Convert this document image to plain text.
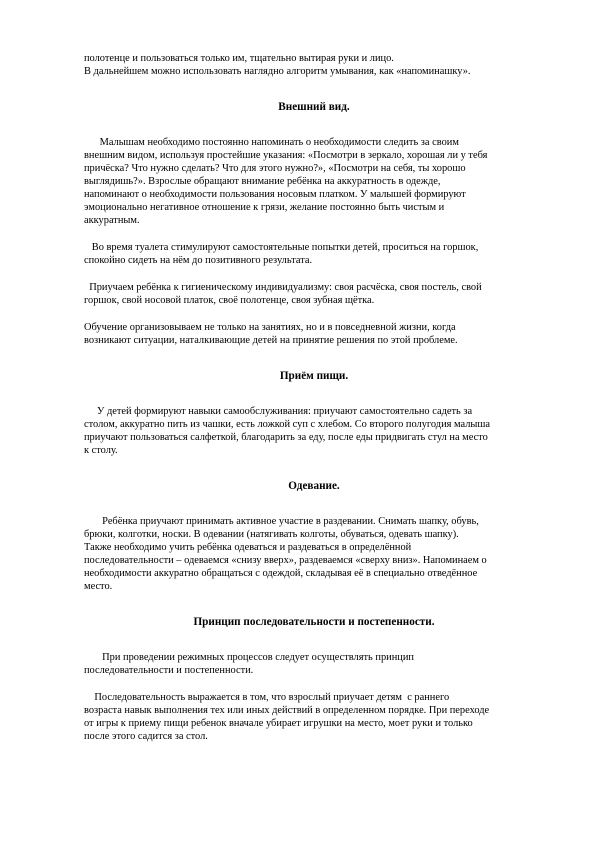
полотенце и пользоваться только им, тщательно вытирая руки и лицо.

В дальнейшем можно использовать наглядно алгоритм умывания, как «напоминашку».

Внешний вид.

Малышам необходимо постоянно напоминать о необходимости следить за своим

внешним видом, используя простейшие указания: «Посмотри в зеркало, хорошая ли у тебя

причёска? Что нужно сделать? Что для этого нужно?», «Посмотри на себя, ты хорошо

выглядишь?». Взрослые обращают внимание ребёнка на аккуратность в одежде,

напоминают о необходимости пользования носовым платком. У малышей формируют

эмоционально негативное отношение к грязи, желание постоянно быть чистым и

аккуратным.

Во время туалета стимулируют самостоятельные попытки детей, проситься на горшок,

спокойно сидеть на нём до позитивного результата.

Приучаем ребёнка к гигиеническому индивидуализму: своя расчёска, своя постель, свой

горшок, свой носовой платок, своё полотенце, своя зубная щётка.

Обучение организовываем не только на занятиях, но и в повседневной жизни, когда

возникают ситуации, наталкивающие детей на принятие решения по этой проблеме.

Приём пищи.

У детей формируют навыки самообслуживания: приучают самостоятельно садеть за

столом, аккуратно пить из чашки, есть ложкой суп с хлебом. Со второго полугодия малыша

приучают пользоваться салфеткой, благодарить за еду, после еды придвигать стул на место

к столу.

Одевание.

Ребёнка приучают принимать активное участие в раздевании. Снимать шапку, обувь,

брюки, колготки, носки. В одевании (натягивать колготы, обуваться, одевать шапку).

Также необходимо учить ребёнка одеваться и раздеваться в определённой

последовательности – одеваемся «снизу вверх», раздеваемся «сверху вниз». Напоминаем о

необходимости аккуратно обращаться с одеждой, складывая её в специально отведённое

место.

Принцип последовательности и постепенности.

При проведении режимных процессов следует осуществлять принцип

последовательности и постепенности.

Последовательность выражается в том, что взрослый приучает детям  с раннего

возраста навык выполнения тех или иных действий в определенном порядке. При переходе

от игры к приему пищи ребенок вначале убирает игрушки на место, моет руки и только

после этого садится за стол.
